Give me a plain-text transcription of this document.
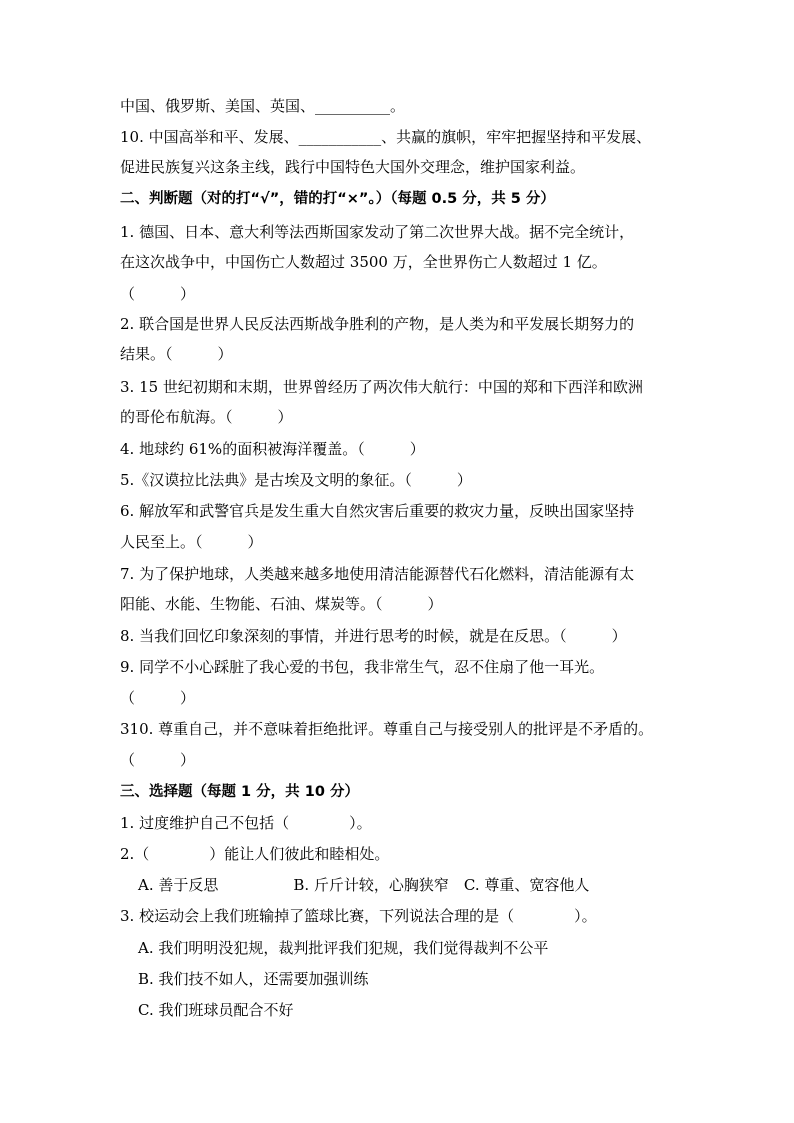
中国、俄罗斯、美国、英国、__________。
10. 中国高举和平、发展、___________、共赢的旗帜，牢牢把握坚持和平发展、
促进民族复兴这条主线，践行中国特色大国外交理念，维护国家利益。
二、判断题（对的打“√”，错的打“×”。）（每题 0.5 分，共 5 分）
1. 德国、日本、意大利等法西斯国家发动了第二次世界大战。据不完全统计，
在这次战争中，中国伤亡人数超过 3500 万，全世界伤亡人数超过 1 亿。
（　　　）
2. 联合国是世界人民反法西斯战争胜利的产物，是人类为和平发展长期努力的
结果。（　　　）
3. 15 世纪初期和末期，世界曾经历了两次伟大航行：中国的郑和下西洋和欧洲
的哥伦布航海。（　　　）
4. 地球约 61%的面积被海洋覆盖。（　　　）
5.《汉谟拉比法典》是古埃及文明的象征。（　　　）
6. 解放军和武警官兵是发生重大自然灾害后重要的救灾力量，反映出国家坚持
人民至上。（　　　）
7. 为了保护地球，人类越来越多地使用清洁能源替代石化燃料，清洁能源有太
阳能、水能、生物能、石油、煤炭等。（　　　）
8. 当我们回忆印象深刻的事情，并进行思考的时候，就是在反思。（　　　）
9. 同学不小心踩脏了我心爱的书包，我非常生气，忍不住扇了他一耳光。
（　　　）
310. 尊重自己，并不意味着拒绝批评。尊重自己与接受别人的批评是不矛盾的。
（　　　）
三、选择题（每题 1 分，共 10 分）
1. 过度维护自己不包括（　　　　）。
2.（　　　　）能让人们彼此和睦相处。
A. 善于反思　　　　　B. 斤斤计较，心胸狭窄　C. 尊重、宽容他人
3. 校运动会上我们班输掉了篮球比赛，下列说法合理的是（　　　　）。
A. 我们明明没犯规，裁判批评我们犯规，我们觉得裁判不公平
B. 我们技不如人，还需要加强训练
C. 我们班球员配合不好
